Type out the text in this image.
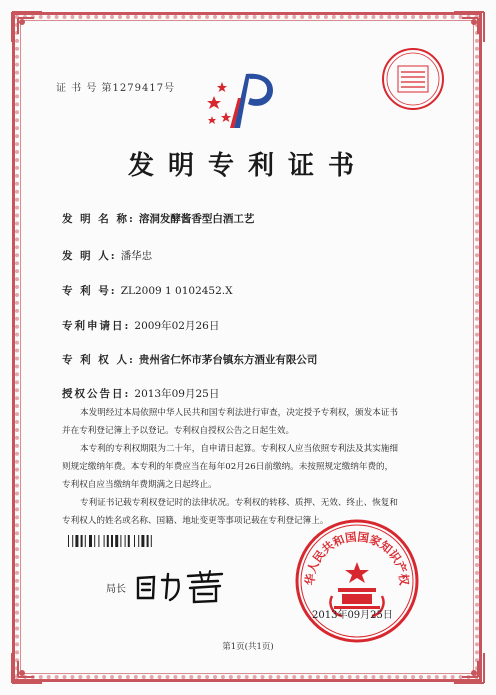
证 书 号 第1279417号
发明专利证书
发 明 名 称: 溶洞发酵酱香型白酒工艺
发 明 人: 潘华忠
专 利 号: ZL2009 1 0102452.X
专利申请日: 2009年02月26日
专 利 权 人: 贵州省仁怀市茅台镇东方酒业有限公司
授权公告日: 2013年09月25日

本发明经过本局依照中华人民共和国专利法进行审查，决定授予专利权，颁发本证书

并在专利登记簿上予以登记。专利权自授权公告之日起生效。

本专利的专利权期限为二十年，自申请日起算。专利权人应当依照专利法及其实施细

则规定缴纳年费。本专利的年费应当在每年02月26日前缴纳。未按照规定缴纳年费的，

专利权自应当缴纳年费期满之日起终止。

专利证书记载专利权登记时的法律状况。专利权的转移、质押、无效、终止、恢复和

专利权人的姓名或名称、国籍、地址变更等事项记载在专利登记簿上。

局长
华人民共和国国家知识产权
2013年09月25日
第1页(共1页)
